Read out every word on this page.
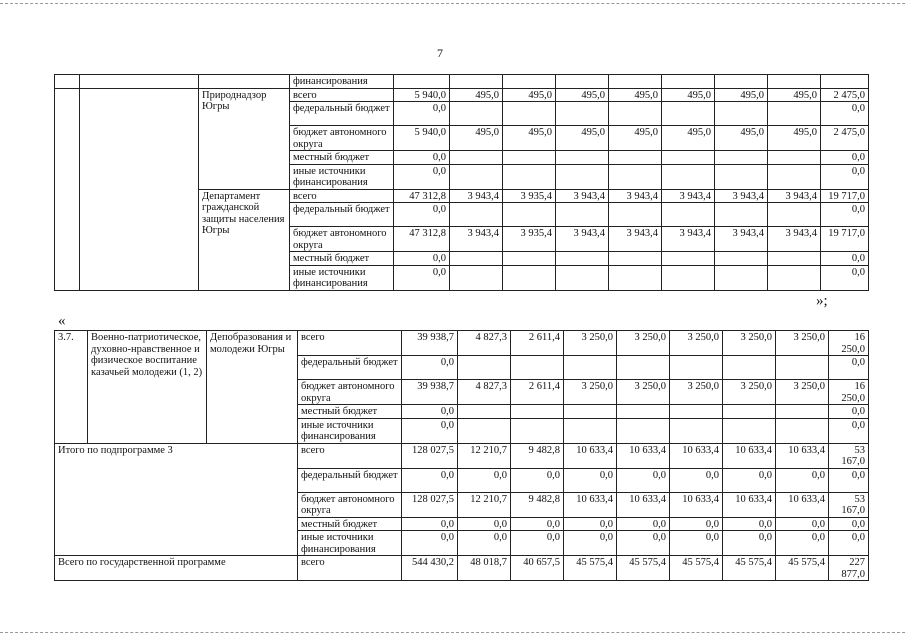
7
			финансирования									
		Природнадзор Югры	всего	5 940,0	495,0	495,0	495,0	495,0	495,0	495,0	495,0	2 475,0
			федеральный бюджет	0,0								0,0
			бюджет автономного округа	5 940,0	495,0	495,0	495,0	495,0	495,0	495,0	495,0	2 475,0
			местный бюджет	0,0								0,0
			иные источники финансирования	0,0								0,0
		Департамент гражданской защиты населения Югры	всего	47 312,8	3 943,4	3 935,4	3 943,4	3 943,4	3 943,4	3 943,4	3 943,4	19 717,0
			федеральный бюджет	0,0								0,0
			бюджет автономного округа	47 312,8	3 943,4	3 935,4	3 943,4	3 943,4	3 943,4	3 943,4	3 943,4	19 717,0
			местный бюджет	0,0								0,0
			иные источники финансирования	0,0								0,0
»;
«
3.7.	Военно-патриотическое, духовно-нравственное и физическое воспитание казачьей молодежи (1, 2)	Депобразования и молодежи Югры	всего	39 938,7	4 827,3	2 611,4	3 250,0	3 250,0	3 250,0	3 250,0	3 250,0	16 250,0
			федеральный бюджет	0,0								0,0
			бюджет автономного округа	39 938,7	4 827,3	2 611,4	3 250,0	3 250,0	3 250,0	3 250,0	3 250,0	16 250,0
			местный бюджет	0,0								0,0
			иные источники финансирования	0,0								0,0
Итого по подпрограмме 3			всего	128 027,5	12 210,7	9 482,8	10 633,4	10 633,4	10 633,4	10 633,4	10 633,4	53 167,0
			федеральный бюджет	0,0	0,0	0,0	0,0	0,0	0,0	0,0	0,0	0,0
			бюджет автономного округа	128 027,5	12 210,7	9 482,8	10 633,4	10 633,4	10 633,4	10 633,4	10 633,4	53 167,0
			местный бюджет	0,0	0,0	0,0	0,0	0,0	0,0	0,0	0,0	0,0
			иные источники финансирования	0,0	0,0	0,0	0,0	0,0	0,0	0,0	0,0	0,0
Всего по государственной программе			всего	544 430,2	48 018,7	40 657,5	45 575,4	45 575,4	45 575,4	45 575,4	45 575,4	227 877,0
